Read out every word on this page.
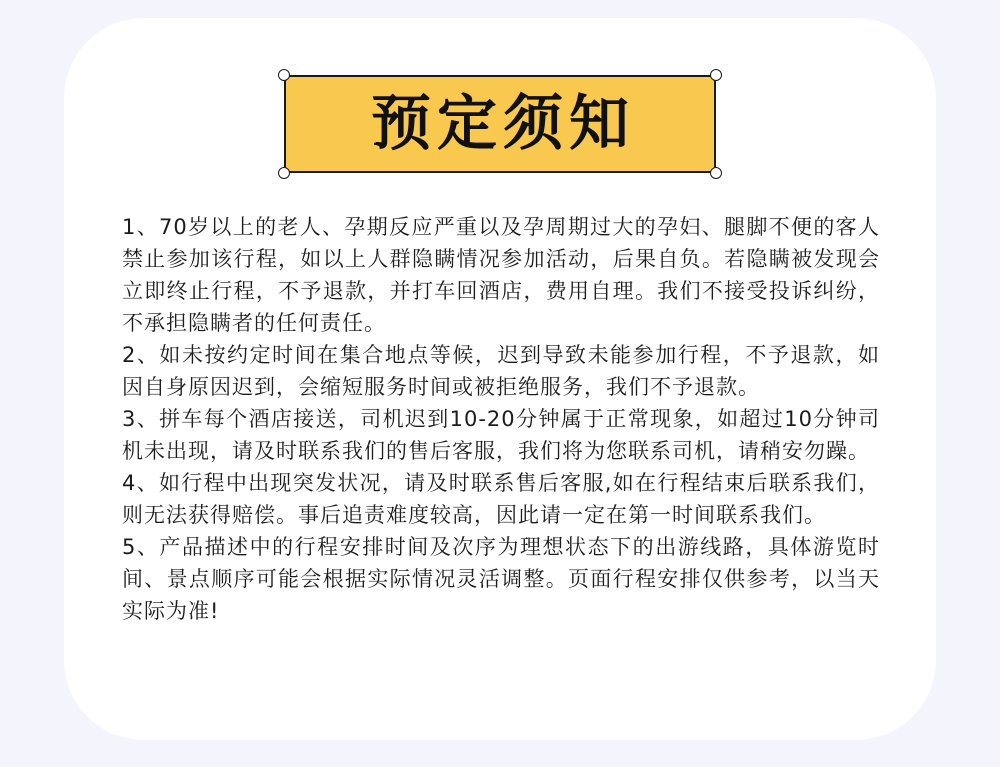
预定须知

1、70岁以上的老人、孕期反应严重以及孕周期过大的孕妇、腿脚不便的客人禁止参加该行程，如以上人群隐瞒情况参加活动，后果自负。若隐瞒被发现会立即终止行程，不予退款，并打车回酒店，费用自理。我们不接受投诉纠纷，不承担隐瞒者的任何责任。

2、如未按约定时间在集合地点等候，迟到导致未能参加行程，不予退款，如因自身原因迟到，会缩短服务时间或被拒绝服务，我们不予退款。

3、拼车每个酒店接送，司机迟到10-20分钟属于正常现象，如超过10分钟司机未出现，请及时联系我们的售后客服，我们将为您联系司机，请稍安勿躁。

4、如行程中出现突发状况，请及时联系售后客服,如在行程结束后联系我们，则无法获得赔偿。事后追责难度较高，因此请一定在第一时间联系我们。

5、产品描述中的行程安排时间及次序为理想状态下的出游线路，具体游览时间、景点顺序可能会根据实际情况灵活调整。页面行程安排仅供参考，以当天实际为准!
